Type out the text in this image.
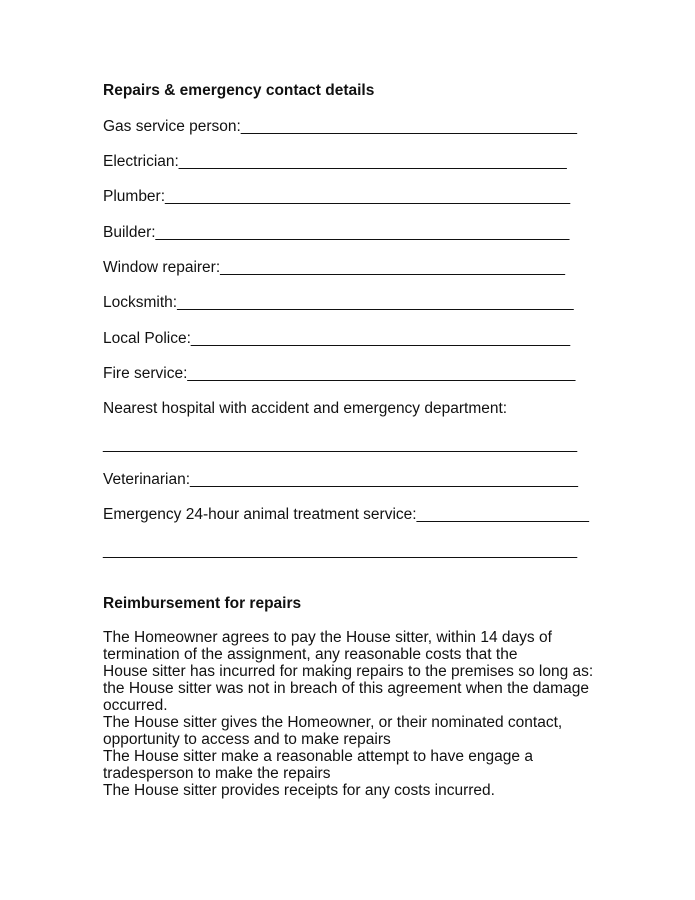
Repairs & emergency contact details

Gas service person:_______________________________________

Electrician:_____________________________________________

Plumber:_______________________________________________

Builder:________________________________________________

Window repairer:________________________________________

Locksmith:______________________________________________

Local Police:____________________________________________

Fire service:_____________________________________________

Nearest hospital with accident and emergency department:

_______________________________________________________

Veterinarian:_____________________________________________

Emergency 24-hour animal treatment service:____________________

_______________________________________________________

Reimbursement for repairs

The Homeowner agrees to pay the House sitter, within 14 days of
termination of the assignment, any reasonable costs that the
House sitter has incurred for making repairs to the premises so long as:
the House sitter was not in breach of this agreement when the damage
occurred.
The House sitter gives the Homeowner, or their nominated contact,
opportunity to access and to make repairs
The House sitter make a reasonable attempt to have engage a
tradesperson to make the repairs
The House sitter provides receipts for any costs incurred.
